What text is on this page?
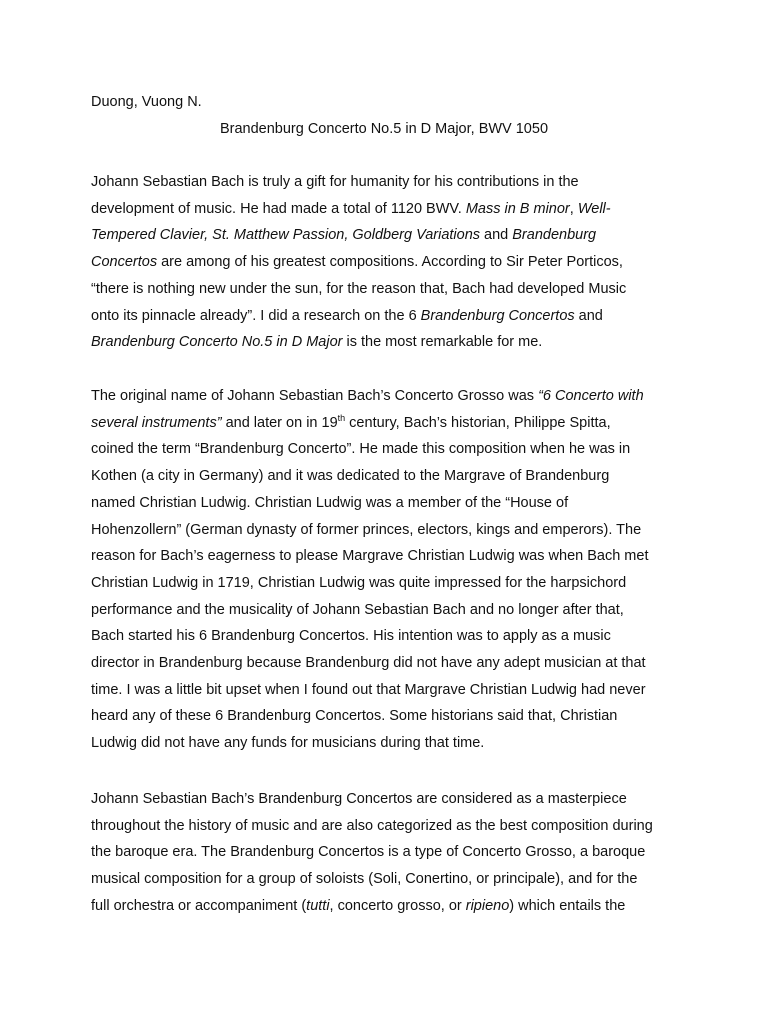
Duong, Vuong N.

Brandenburg Concerto No.5 in D Major, BWV 1050
Johann Sebastian Bach is truly a gift for humanity for his contributions in the
development of music. He had made a total of 1120 BWV. Mass in B minor, Well-
Tempered Clavier, St. Matthew Passion, Goldberg Variations and Brandenburg
Concertos are among of his greatest compositions. According to Sir Peter Porticos,
“there is nothing new under the sun, for the reason that, Bach had developed Music
onto its pinnacle already”. I did a research on the 6 Brandenburg Concertos and
Brandenburg Concerto No.5 in D Major is the most remarkable for me.
The original name of Johann Sebastian Bach’s Concerto Grosso was “6 Concerto with
several instruments” and later on in 19th century, Bach’s historian, Philippe Spitta,
coined the term “Brandenburg Concerto”. He made this composition when he was in
Kothen (a city in Germany) and it was dedicated to the Margrave of Brandenburg
named Christian Ludwig. Christian Ludwig was a member of the “House of
Hohenzollern” (German dynasty of former princes, electors, kings and emperors). The
reason for Bach’s eagerness to please Margrave Christian Ludwig was when Bach met
Christian Ludwig in 1719, Christian Ludwig was quite impressed for the harpsichord
performance and the musicality of Johann Sebastian Bach and no longer after that,
Bach started his 6 Brandenburg Concertos. His intention was to apply as a music
director in Brandenburg because Brandenburg did not have any adept musician at that
time. I was a little bit upset when I found out that Margrave Christian Ludwig had never
heard any of these 6 Brandenburg Concertos. Some historians said that, Christian
Ludwig did not have any funds for musicians during that time.
Johann Sebastian Bach’s Brandenburg Concertos are considered as a masterpiece
throughout the history of music and are also categorized as the best composition during
the baroque era. The Brandenburg Concertos is a type of Concerto Grosso, a baroque
musical composition for a group of soloists (Soli, Conertino, or principale), and for the
full orchestra or accompaniment (tutti, concerto grosso, or ripieno) which entails the
